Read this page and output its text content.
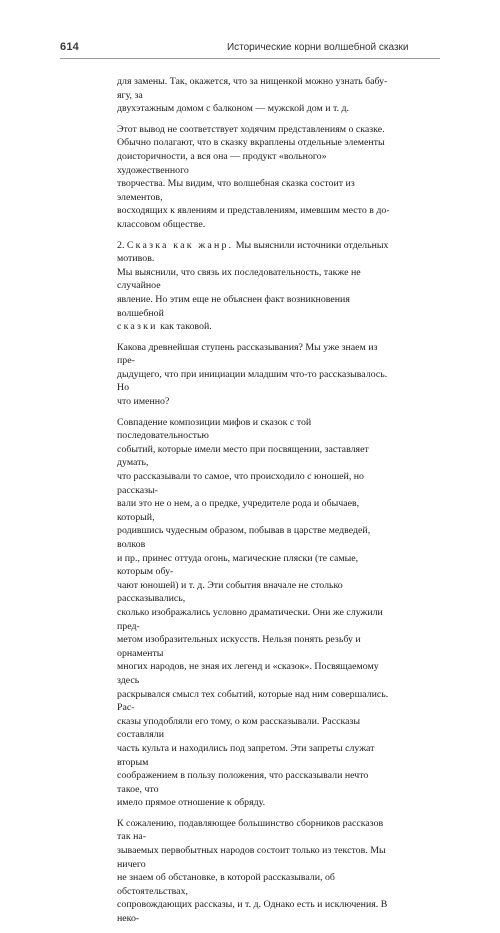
614	Исторические корни волшебной сказки

для замены. Так, окажется, что за нищенкой можно узнать бабу-ягу, за
двухэтажным домом с балконом — мужской дом и т. д.

Этот вывод не соответствует ходячим представлениям о сказке.
Обычно полагают, что в сказку вкраплены отдельные элементы
доисторичности, а вся она — продукт «вольного» художественного
творчества. Мы видим, что волшебная сказка состоит из элементов,
восходящих к явлениям и представлениям, имевшим место в до-
классовом обществе.

2. Сказка как жанр. Мы выяснили источники отдельных мотивов.
Мы выяснили, что связь их последовательность, также не случайное
явление. Но этим еще не объяснен факт возникновения волшебной
сказки как таковой.

Какова древнейшая ступень рассказывания? Мы уже знаем из пре-
дыдущего, что при инициации младшим что-то рассказывалось. Но
что именно?

Совпадение композиции мифов и сказок с той последовательностью
событий, которые имели место при посвящении, заставляет думать,
что рассказывали то самое, что происходило с юношей, но рассказы-
вали это не о нем, а о предке, учредителе рода и обычаев, который,
родившись чудесным образом, побывав в царстве медведей, волков
и пр., принес оттуда огонь, магические пляски (те самые, которым обу-
чают юношей) и т. д. Эти события вначале не столько рассказывались,
сколько изображались условно драматически. Они же служили пред-
метом изобразительных искусств. Нельзя понять резьбу и орнаменты
многих народов, не зная их легенд и «сказок». Посвящаемому здесь
раскрывался смысл тех событий, которые над ним совершались. Рас-
сказы уподобляли его тому, о ком рассказывали. Рассказы составляли
часть культа и находились под запретом. Эти запреты служат вторым
соображением в пользу положения, что рассказывали нечто такое, что
имело прямое отношение к обряду.

К сожалению, подавляющее большинство сборников рассказов так на-
зываемых первобытных народов состоит только из текстов. Мы ничего
не знаем об обстановке, в которой рассказывали, об обстоятельствах,
сопровождающих рассказы, и т. д. Однако есть и исключения. В неко-
